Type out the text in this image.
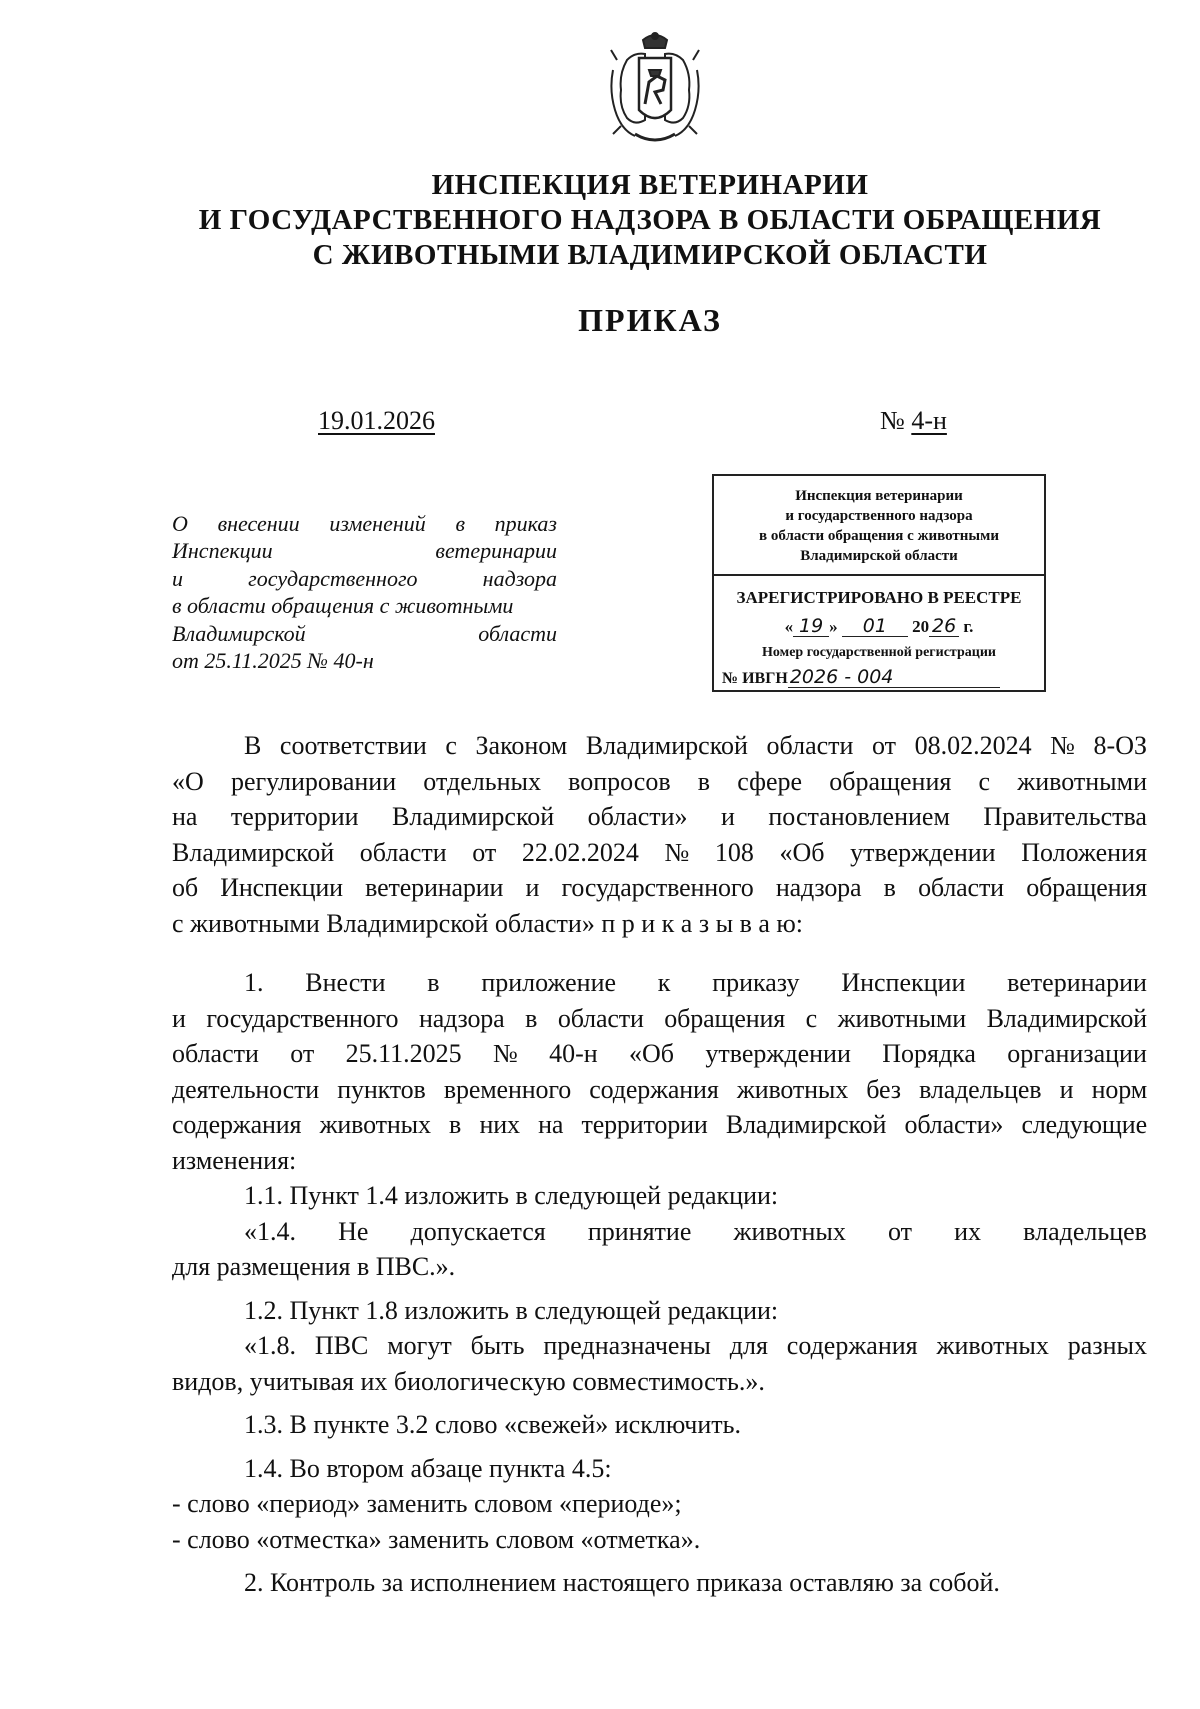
ИНСПЕКЦИЯ ВЕТЕРИНАРИИ
И ГОСУДАРСТВЕННОГО НАДЗОРА В ОБЛАСТИ ОБРАЩЕНИЯ
С ЖИВОТНЫМИ ВЛАДИМИРСКОЙ ОБЛАСТИ
ПРИКАЗ
19.01.2026	№ 4-н
О внесении изменений в приказ
Инспекции	ветеринарии
и	государственного	надзора
в области обращения с животными
Владимирской	области
от 25.11.2025 № 40-н
Инспекция ветеринарии
и государственного надзора
в области обращения с животными
Владимирской области
ЗАРЕГИСТРИРОВАНО В РЕЕСТРЕ
« 19 » 01 20 26 г.
Номер государственной регистрации
№ ИВГН 2026 - 004
В соответствии с Законом Владимирской области от 08.02.2024 № 8-ОЗ
«О регулировании отдельных вопросов в сфере обращения с животными
на территории Владимирской области» и постановлением Правительства
Владимирской области от 22.02.2024 № 108 «Об утверждении Положения
об Инспекции ветеринарии и государственного надзора в области обращения
с животными Владимирской области» п р и к а з ы в а ю:
1. Внести в приложение к приказу Инспекции ветеринарии
и государственного надзора в области обращения с животными Владимирской
области от 25.11.2025 № 40-н «Об утверждении Порядка организации
деятельности пунктов временного содержания животных без владельцев и норм
содержания животных в них на территории Владимирской области» следующие
изменения:
1.1. Пункт 1.4 изложить в следующей редакции:
«1.4. Не допускается принятие животных от их владельцев
для размещения в ПВС.».
1.2. Пункт 1.8 изложить в следующей редакции:
«1.8. ПВС могут быть предназначены для содержания животных разных
видов, учитывая их биологическую совместимость.».
1.3. В пункте 3.2 слово «свежей» исключить.
1.4. Во втором абзаце пункта 4.5:
- слово «период» заменить словом «периоде»;
- слово «отместка» заменить словом «отметка».
2. Контроль за исполнением настоящего приказа оставляю за собой.
